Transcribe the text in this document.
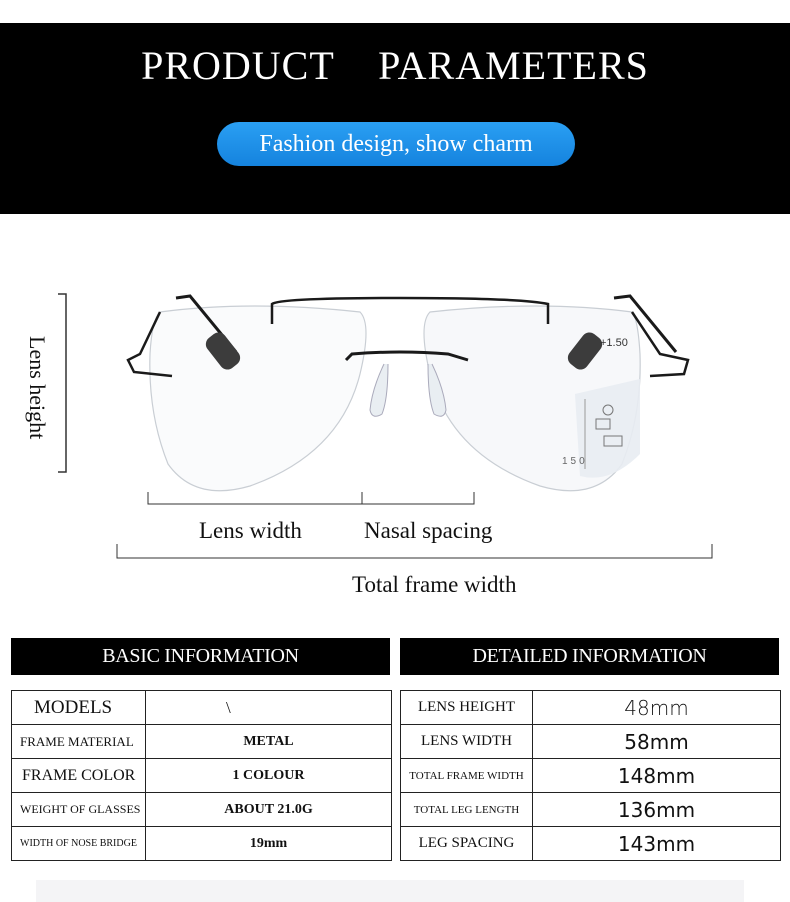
PRODUCT    PARAMETERS
Fashion design, show charm
150
+1.50
Lens height
Lens width	Nasal spacing
Total frame width
BASIC INFORMATION	DETAILED INFORMATION
MODELS	\
FRAME MATERIAL	METAL
FRAME COLOR	1 COLOUR
WEIGHT OF GLASSES	ABOUT 21.0G
WIDTH OF NOSE BRIDGE	19mm
LENS HEIGHT	48mm
LENS WIDTH	58mm
TOTAL FRAME WIDTH	148mm
TOTAL LEG LENGTH	136mm
LEG SPACING	143mm
